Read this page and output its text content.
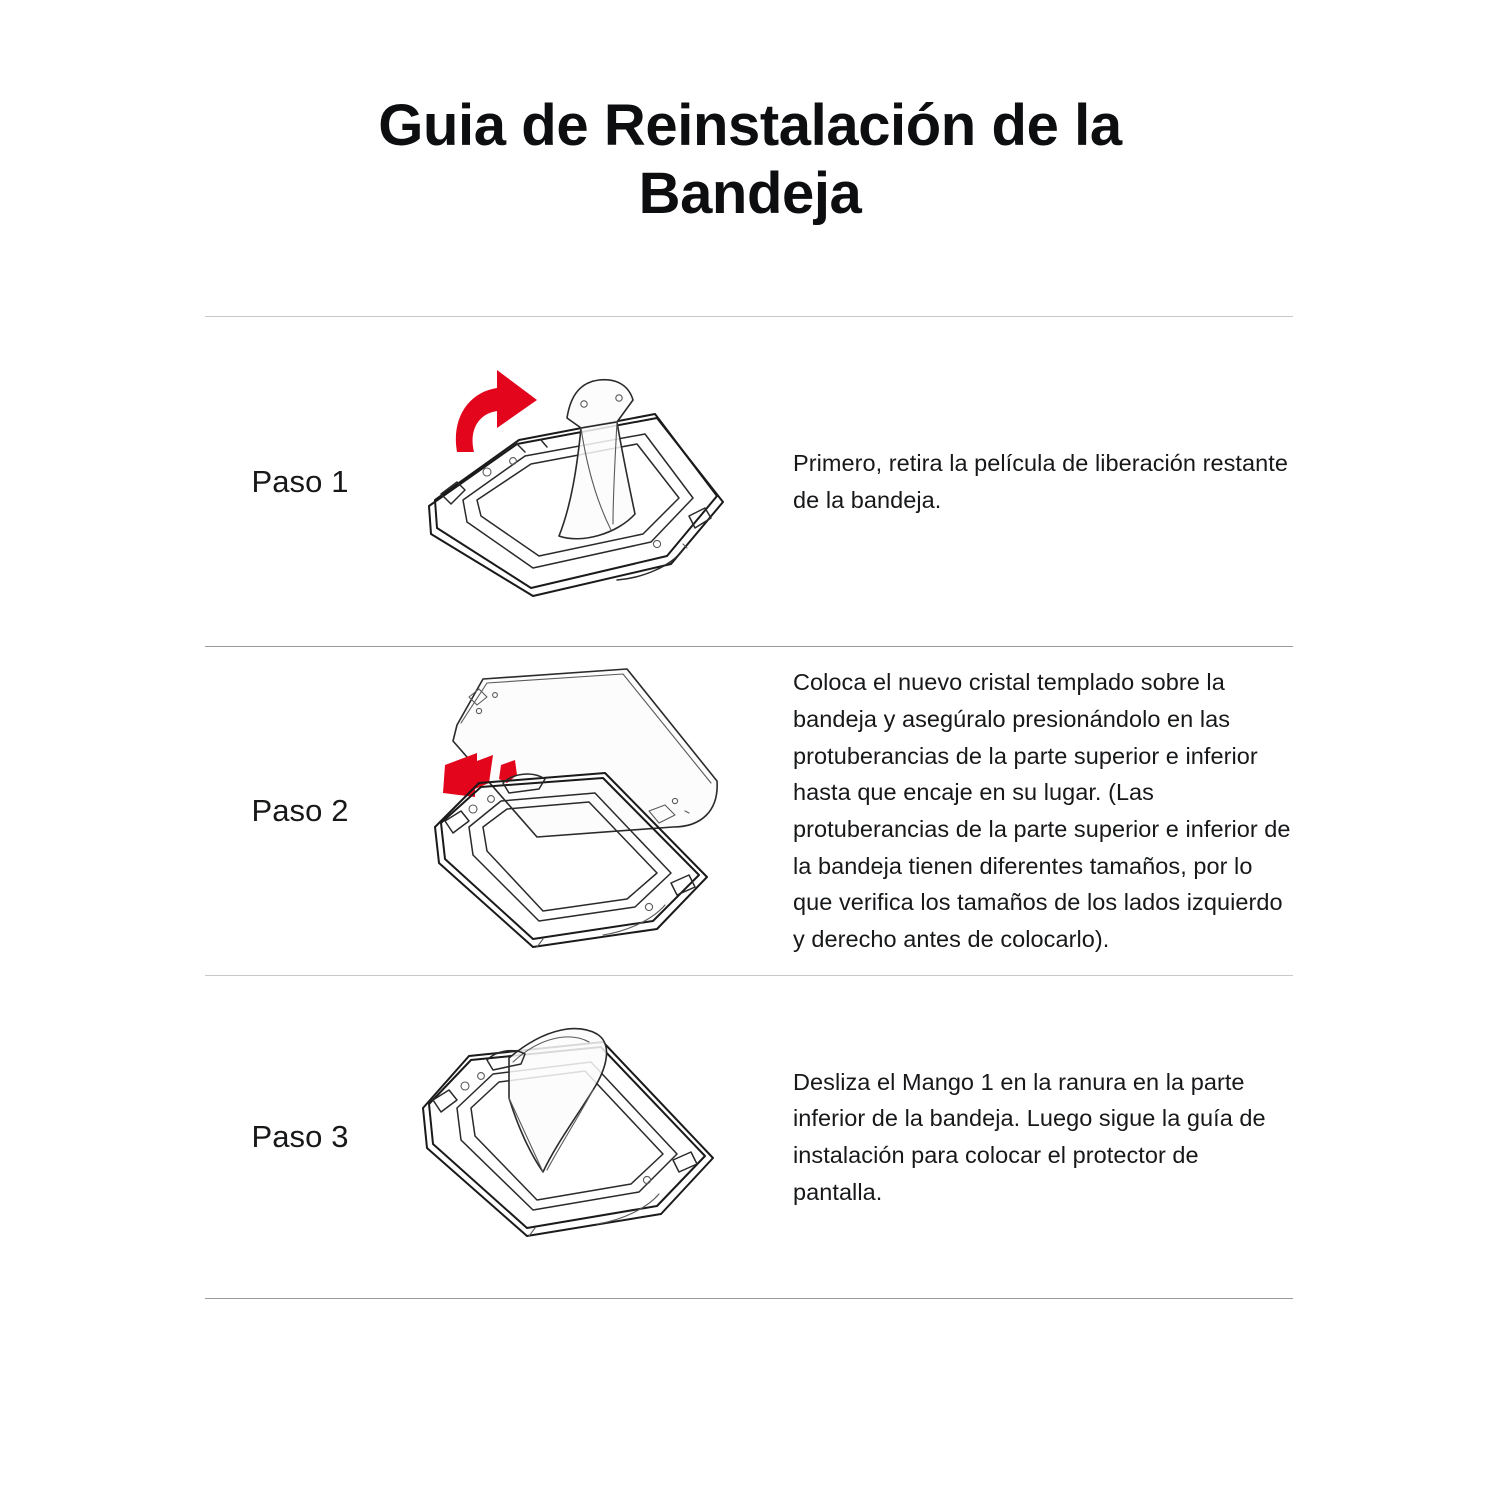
Guia de Reinstalación de la Bandeja
Paso 1

Primero, retira la película de liberación restante de la bandeja.

Paso 2

Coloca el nuevo cristal templado sobre la bandeja y asegúralo presionándolo en las protuberancias de la parte superior e inferior hasta que encaje en su lugar. (Las protuberancias de la parte superior e inferior de la bandeja tienen diferentes tamaños, por lo que verifica los tamaños de los lados izquierdo y derecho antes de colocarlo).

Paso 3

Desliza el Mango 1 en la ranura en la parte inferior de la bandeja. Luego sigue la guía de instalación para colocar el protector de pantalla.
